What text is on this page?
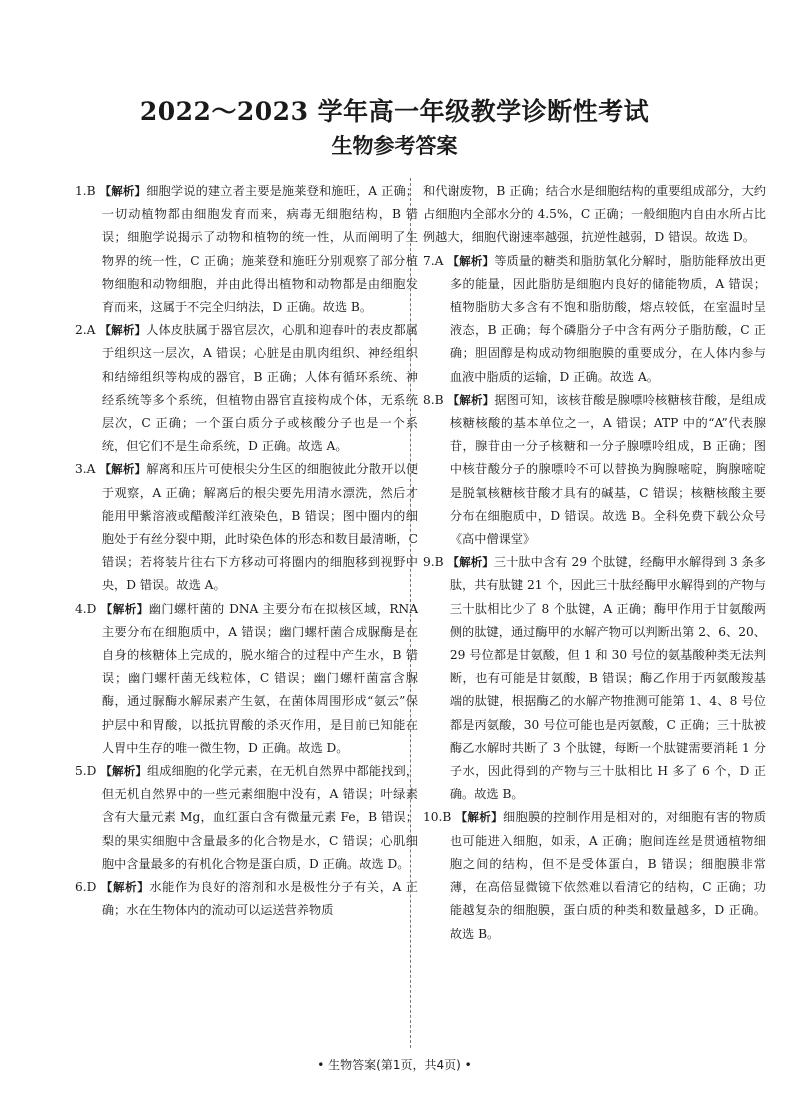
2022～2023 学年高一年级教学诊断性考试
生物参考答案
1.B 【解析】细胞学说的建立者主要是施莱登和施旺，A 正确；一切动植物都由细胞发育而来，病毒无细胞结构，B 错误；细胞学说揭示了动物和植物的统一性，从而阐明了生物界的统一性，C 正确；施莱登和施旺分别观察了部分植物细胞和动物细胞，并由此得出植物和动物都是由细胞发育而来，这属于不完全归纳法，D 正确。故选 B。
2.A 【解析】人体皮肤属于器官层次，心肌和迎春叶的表皮都属于组织这一层次，A 错误；心脏是由肌肉组织、神经组织和结缔组织等构成的器官，B 正确；人体有循环系统、神经系统等多个系统，但植物由器官直接构成个体，无系统层次，C 正确；一个蛋白质分子或核酸分子也是一个系统，但它们不是生命系统，D 正确。故选 A。
3.A 【解析】解离和压片可使根尖分生区的细胞彼此分散开以便于观察，A 正确；解离后的根尖要先用清水漂洗，然后才能用甲紫溶液或醋酸洋红液染色，B 错误；图中圈内的细胞处于有丝分裂中期，此时染色体的形态和数目最清晰，C 错误；若将装片往右下方移动可将圈内的细胞移到视野中央，D 错误。故选 A。
4.D 【解析】幽门螺杆菌的 DNA 主要分布在拟核区域，RNA 主要分布在细胞质中，A 错误；幽门螺杆菌合成脲酶是在自身的核糖体上完成的，脱水缩合的过程中产生水，B 错误；幽门螺杆菌无线粒体，C 错误；幽门螺杆菌富含脲酶，通过脲酶水解尿素产生氨，在菌体周围形成“氨云”保护层中和胃酸，以抵抗胃酸的杀灭作用，是目前已知能在人胃中生存的唯一微生物，D 正确。故选 D。
5.D 【解析】组成细胞的化学元素，在无机自然界中都能找到，但无机自然界中的一些元素细胞中没有，A 错误；叶绿素含有大量元素 Mg，血红蛋白含有微量元素 Fe，B 错误；梨的果实细胞中含量最多的化合物是水，C 错误；心肌细胞中含量最多的有机化合物是蛋白质，D 正确。故选 D。
6.D 【解析】水能作为良好的溶剂和水是极性分子有关，A 正确；水在生物体内的流动可以运送营养物质
和代谢废物，B 正确；结合水是细胞结构的重要组成部分，大约占细胞内全部水分的 4.5%，C 正确；一般细胞内自由水所占比例越大，细胞代谢速率越强，抗逆性越弱，D 错误。故选 D。
7.A 【解析】等质量的糖类和脂肪氧化分解时，脂肪能释放出更多的能量，因此脂肪是细胞内良好的储能物质，A 错误；植物脂肪大多含有不饱和脂肪酸，熔点较低，在室温时呈液态，B 正确；每个磷脂分子中含有两分子脂肪酸，C 正确；胆固醇是构成动物细胞膜的重要成分，在人体内参与血液中脂质的运输，D 正确。故选 A。
8.B 【解析】据图可知，该核苷酸是腺嘌呤核糖核苷酸，是组成核糖核酸的基本单位之一，A 错误；ATP 中的“A”代表腺苷，腺苷由一分子核糖和一分子腺嘌呤组成，B 正确；图中核苷酸分子的腺嘌呤不可以替换为胸腺嘧啶，胸腺嘧啶是脱氧核糖核苷酸才具有的碱基，C 错误；核糖核酸主要分布在细胞质中，D 错误。故选 B。全科免费下载公众号《高中僧课堂》
9.B 【解析】三十肽中含有 29 个肽键，经酶甲水解得到 3 条多肽，共有肽键 21 个，因此三十肽经酶甲水解得到的产物与三十肽相比少了 8 个肽键，A 正确；酶甲作用于甘氨酸两侧的肽键，通过酶甲的水解产物可以判断出第 2、6、20、29 号位都是甘氨酸，但 1 和 30 号位的氨基酸种类无法判断，也有可能是甘氨酸，B 错误；酶乙作用于丙氨酸羧基端的肽键，根据酶乙的水解产物推测可能第 1、4、8 号位都是丙氨酸，30 号位可能也是丙氨酸，C 正确；三十肽被酶乙水解时共断了 3 个肽键，每断一个肽键需要消耗 1 分子水，因此得到的产物与三十肽相比 H 多了 6 个，D 正确。故选 B。
10.B 【解析】细胞膜的控制作用是相对的，对细胞有害的物质也可能进入细胞，如汞，A 正确；胞间连丝是贯通植物细胞之间的结构，但不是受体蛋白，B 错误；细胞膜非常薄，在高倍显微镜下依然难以看清它的结构，C 正确；功能越复杂的细胞膜，蛋白质的种类和数量越多，D 正确。故选 B。
• 生物答案(第1页，共4页) •
